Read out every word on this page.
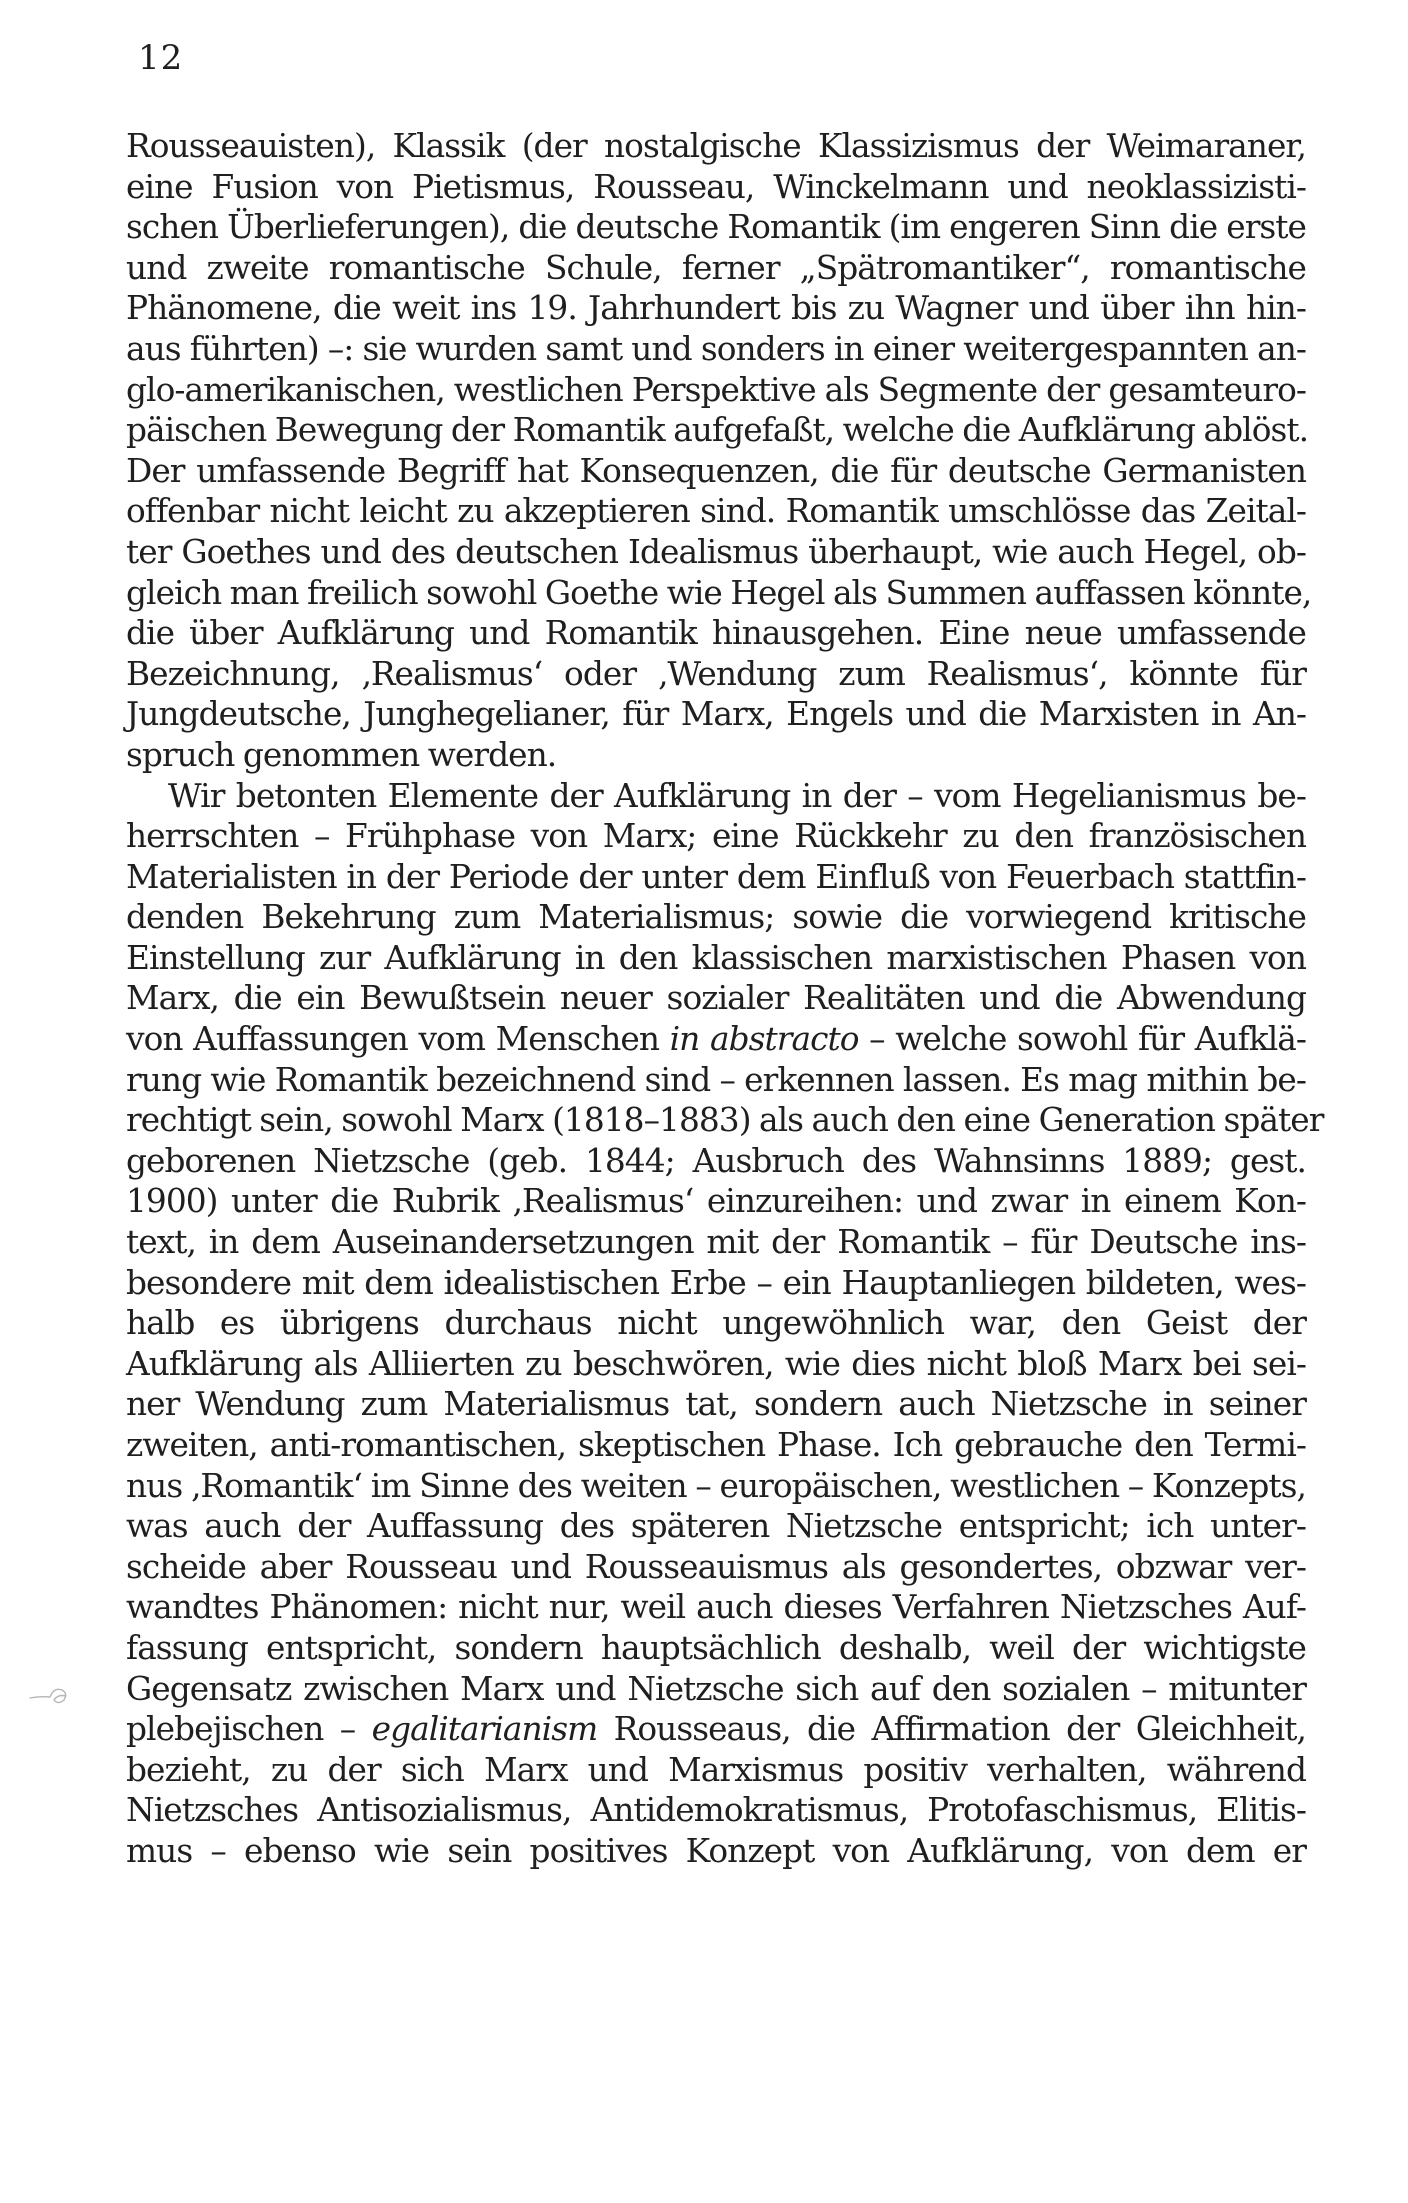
12
Rousseauisten), Klassik (der nostalgische Klassizismus der Weimaraner,
eine Fusion von Pietismus, Rousseau, Winckelmann und neoklassizisti-
schen Überlieferungen), die deutsche Romantik (im engeren Sinn die erste
und zweite romantische Schule, ferner „Spätromantiker“, romantische
Phänomene, die weit ins 19. Jahrhundert bis zu Wagner und über ihn hin-
aus führten) –: sie wurden samt und sonders in einer weitergespannten an-
glo-amerikanischen, westlichen Perspektive als Segmente der gesamteuro-
päischen Bewegung der Romantik aufgefaßt, welche die Aufklärung ablöst.
Der umfassende Begriff hat Konsequenzen, die für deutsche Germanisten
offenbar nicht leicht zu akzeptieren sind. Romantik umschlösse das Zeital-
ter Goethes und des deutschen Idealismus überhaupt, wie auch Hegel, ob-
gleich man freilich sowohl Goethe wie Hegel als Summen auffassen könnte,
die über Aufklärung und Romantik hinausgehen. Eine neue umfassende
Bezeichnung, ‚Realismus‘ oder ‚Wendung zum Realismus‘, könnte für
Jungdeutsche, Junghegelianer, für Marx, Engels und die Marxisten in An-
spruch genommen werden.
Wir betonten Elemente der Aufklärung in der – vom Hegelianismus be-
herrschten – Frühphase von Marx; eine Rückkehr zu den französischen
Materialisten in der Periode der unter dem Einfluß von Feuerbach stattfin-
denden Bekehrung zum Materialismus; sowie die vorwiegend kritische
Einstellung zur Aufklärung in den klassischen marxistischen Phasen von
Marx, die ein Bewußtsein neuer sozialer Realitäten und die Abwendung
von Auffassungen vom Menschen in abstracto – welche sowohl für Aufklä-
rung wie Romantik bezeichnend sind – erkennen lassen. Es mag mithin be-
rechtigt sein, sowohl Marx (1818–1883) als auch den eine Generation später
geborenen Nietzsche (geb. 1844; Ausbruch des Wahnsinns 1889; gest.
1900) unter die Rubrik ‚Realismus‘ einzureihen: und zwar in einem Kon-
text, in dem Auseinandersetzungen mit der Romantik – für Deutsche ins-
besondere mit dem idealistischen Erbe – ein Hauptanliegen bildeten, wes-
halb es übrigens durchaus nicht ungewöhnlich war, den Geist der
Aufklärung als Alliierten zu beschwören, wie dies nicht bloß Marx bei sei-
ner Wendung zum Materialismus tat, sondern auch Nietzsche in seiner
zweiten, anti-romantischen, skeptischen Phase. Ich gebrauche den Termi-
nus ‚Romantik‘ im Sinne des weiten – europäischen, westlichen – Konzepts,
was auch der Auffassung des späteren Nietzsche entspricht; ich unter-
scheide aber Rousseau und Rousseauismus als gesondertes, obzwar ver-
wandtes Phänomen: nicht nur, weil auch dieses Verfahren Nietzsches Auf-
fassung entspricht, sondern hauptsächlich deshalb, weil der wichtigste
Gegensatz zwischen Marx und Nietzsche sich auf den sozialen – mitunter
plebejischen – egalitarianism Rousseaus, die Affirmation der Gleichheit,
bezieht, zu der sich Marx und Marxismus positiv verhalten, während
Nietzsches Antisozialismus, Antidemokratismus, Protofaschismus, Elitis-
mus – ebenso wie sein positives Konzept von Aufklärung, von dem er
